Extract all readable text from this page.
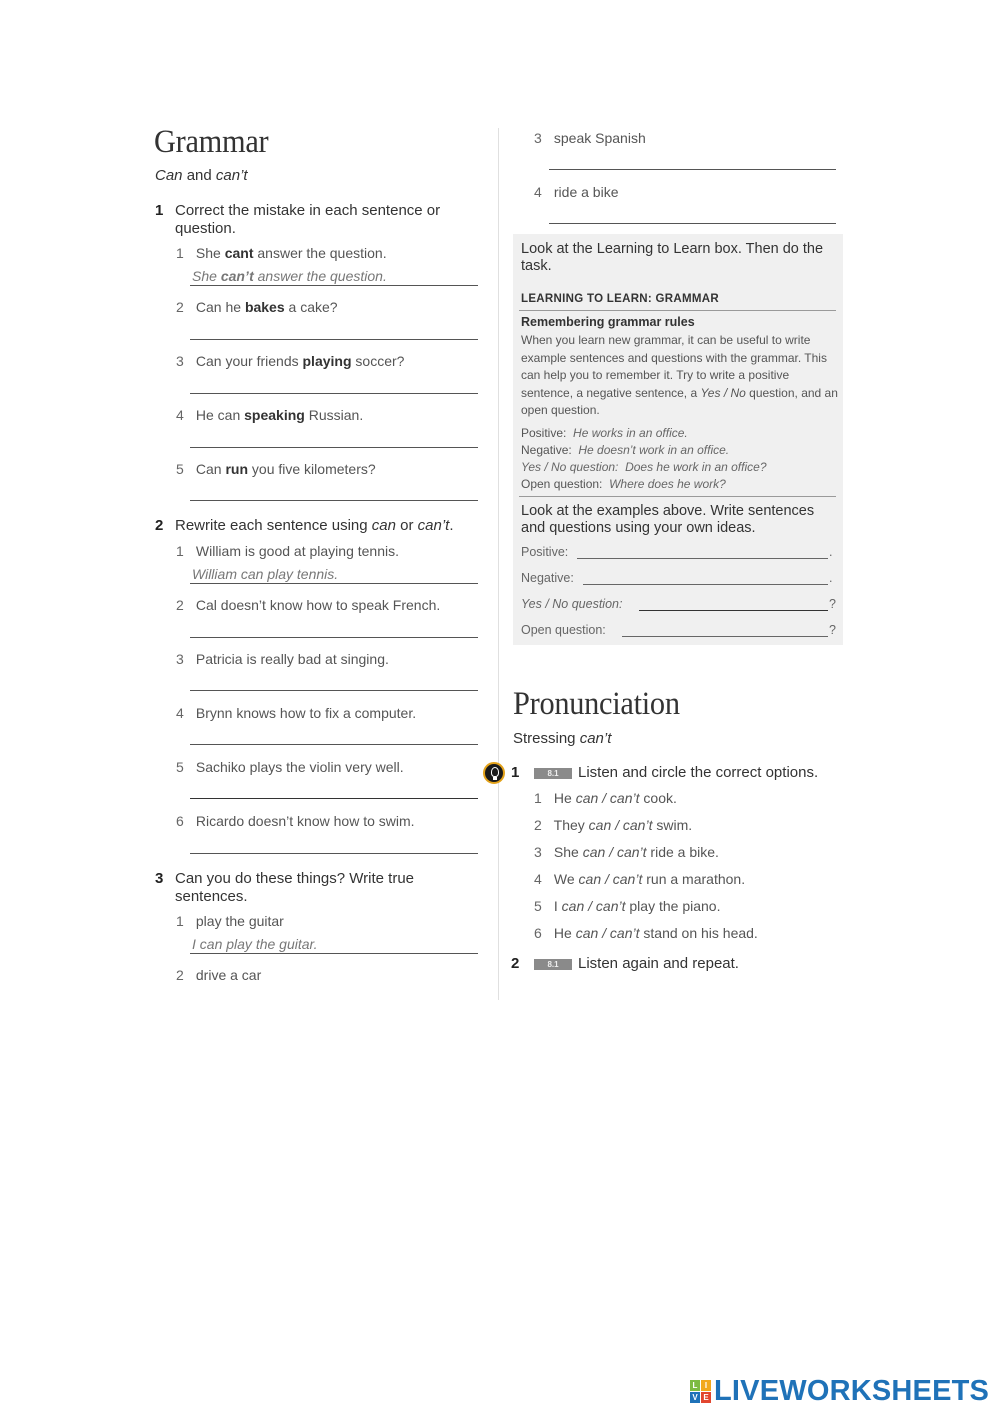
Grammar
Can and can’t
1 Correct the mistake in each sentence or question.
1 She cant answer the question.
She can’t answer the question.
2 Can he bakes a cake?
3 Can your friends playing soccer?
4 He can speaking Russian.
5 Can run you five kilometers?
2 Rewrite each sentence using can or can’t.
1 William is good at playing tennis.
William can play tennis.
2 Cal doesn’t know how to speak French.
3 Patricia is really bad at singing.
4 Brynn knows how to fix a computer.
5 Sachiko plays the violin very well.
6 Ricardo doesn’t know how to swim.
3 Can you do these things? Write true sentences.
1 play the guitar
I can play the guitar.
2 drive a car
3 speak Spanish
4 ride a bike
Look at the Learning to Learn box. Then do the task.
LEARNING TO LEARN: GRAMMAR
Remembering grammar rules
When you learn new grammar, it can be useful to write example sentences and questions with the grammar. This can help you to remember it. Try to write a positive sentence, a negative sentence, a Yes / No question, and an open question.
Positive: He works in an office.
Negative: He doesn’t work in an office.
Yes / No question: Does he work in an office?
Open question: Where does he work?
Look at the examples above. Write sentences and questions using your own ideas.
Positive:	.
Negative:	.
Yes / No question:	?
Open question:	?
Pronunciation
Stressing can’t
1	8.1 Listen and circle the correct options.
1 He can / can’t cook.
2 They can / can’t swim.
3 She can / can’t ride a bike.
4 We can / can’t run a marathon.
5 I can / can’t play the piano.
6 He can / can’t stand on his head.
2	8.1 Listen again and repeat.
L I
V E LIVEWORKSHEETS
